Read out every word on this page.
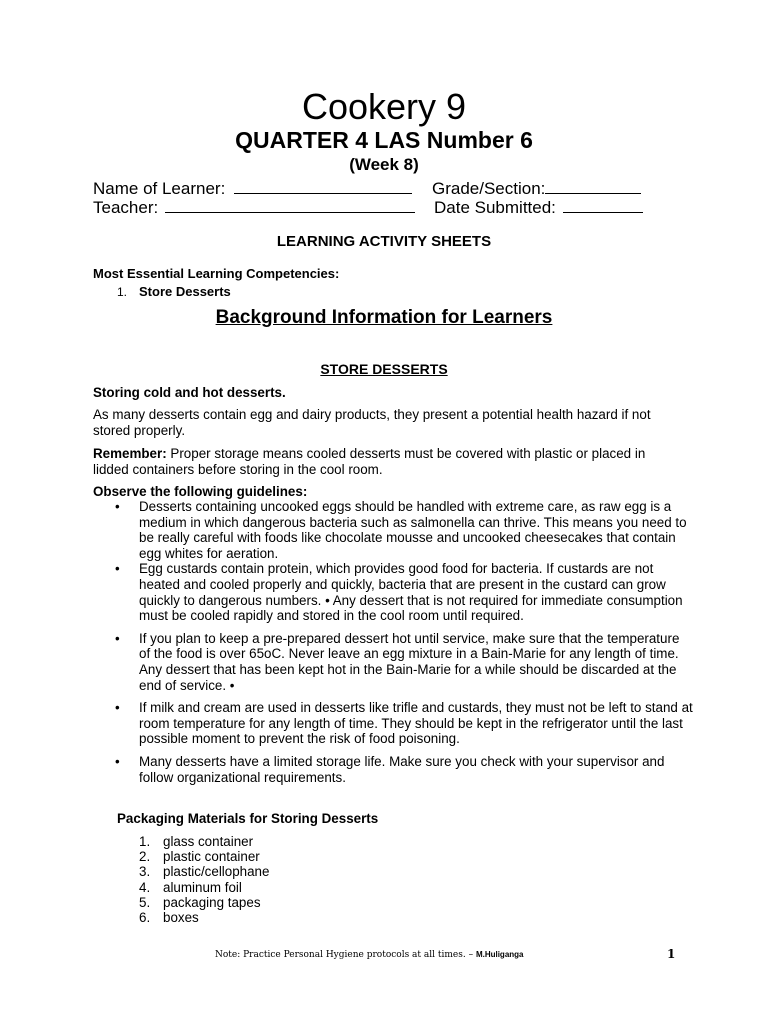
Cookery 9
QUARTER 4 LAS Number 6
(Week 8)
Name of Learner:	Grade/Section:
Teacher:	Date Submitted:
LEARNING ACTIVITY SHEETS
Most Essential Learning Competencies:
1. Store Desserts
Background Information for Learners
STORE DESSERTS
Storing cold and hot desserts.
As many desserts contain egg and dairy products, they present a potential health hazard if not stored properly.
Remember: Proper storage means cooled desserts must be covered with plastic or placed in lidded containers before storing in the cool room.
Observe the following guidelines:
• Desserts containing uncooked eggs should be handled with extreme care, as raw egg is a medium in which dangerous bacteria such as salmonella can thrive. This means you need to be really careful with foods like chocolate mousse and uncooked cheesecakes that contain egg whites for aeration.
• Egg custards contain protein, which provides good food for bacteria. If custards are not heated and cooled properly and quickly, bacteria that are present in the custard can grow quickly to dangerous numbers. • Any dessert that is not required for immediate consumption must be cooled rapidly and stored in the cool room until required.
• If you plan to keep a pre-prepared dessert hot until service, make sure that the temperature of the food is over 65oC. Never leave an egg mixture in a Bain-Marie for any length of time. Any dessert that has been kept hot in the Bain-Marie for a while should be discarded at the end of service. •
• If milk and cream are used in desserts like trifle and custards, they must not be left to stand at room temperature for any length of time. They should be kept in the refrigerator until the last possible moment to prevent the risk of food poisoning.
• Many desserts have a limited storage life. Make sure you check with your supervisor and follow organizational requirements.
Packaging Materials for Storing Desserts
1. glass container
2. plastic container
3. plastic/cellophane
4. aluminum foil
5. packaging tapes
6. boxes
Note: Practice Personal Hygiene protocols at all times. – M.Huliganga	1
